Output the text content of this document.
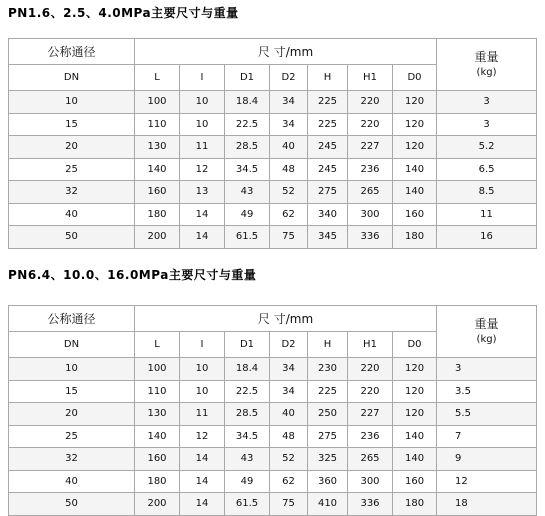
PN1.6、2.5、4.0MPa主要尺寸与重量
公称通径	尺 寸/mm							重量
(kg)

DN	L	I	D1	D2	H	H1	D0	
10	100	10	18.4	34	225	220	120	3
15	110	10	22.5	34	225	220	120	3
20	130	11	28.5	40	245	227	120	5.2
25	140	12	34.5	48	245	236	140	6.5
32	160	13	43	52	275	265	140	8.5
40	180	14	49	62	340	300	160	11
50	200	14	61.5	75	345	336	180	16
PN6.4、10.0、16.0MPa主要尺寸与重量
公称通径	尺 寸/mm							重量
(kg)

DN	L	I	D1	D2	H	H1	D0	
10	100	10	18.4	34	230	220	120	3
15	110	10	22.5	34	225	220	120	3.5
20	130	11	28.5	40	250	227	120	5.5
25	140	12	34.5	48	275	236	140	7
32	160	14	43	52	325	265	140	9
40	180	14	49	62	360	300	160	12
50	200	14	61.5	75	410	336	180	18
